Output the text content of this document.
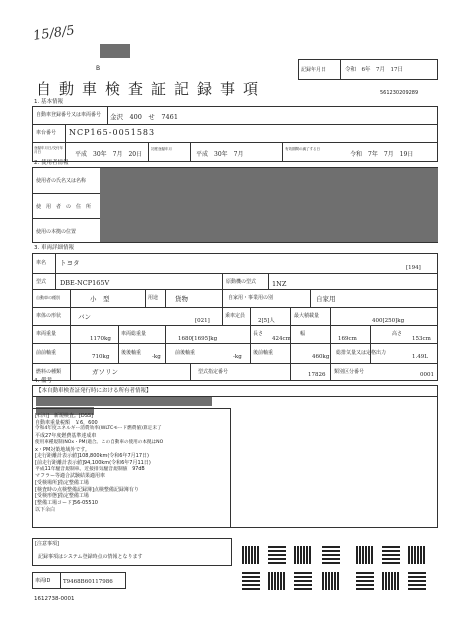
15/8/5
B	記録年月日	令和　6年　7月　17日
自動車検査証記録事項	561230209289
1. 基本情報
自動車登録番号又は車両番号 金沢　400　せ　7461
車台番号 NCP165-0051583
登録年月日/交付年月日	平成　30年　7月　20日
初度登録年月
平成　30年　7月
有効期間の満了する日
令和　7年　7月　19日
2. 使用者情報
使用者の氏名又は名称
使　用　者　の　住　所
使用の本拠の位置
3. 車両詳細情報
車名 トヨタ
[194]
型式 DBE-NCP165V	原動機の型式 1NZ
自動車の種別	小　型	用途	貨物	自家用・事業用の別	自家用
車体の形状	バン	[021]
乗車定員
2[5]人
最大積載量
400[250]kg
車両重量
1170kg
車両総重量
1680[1695]kg
長さ
424cm
幅
169cm
高さ
153cm
前前軸重
710kg
後後軸重
-kg
前後軸重
-kg
後前軸重
460kg
総排気量又は定格出力
1.49L
燃料の種類	ガソリン	型式指定番号	17826 類別区分番号	0001
4. 備考
【本自動車検査証発行時における所有者情報】
[石川]　新規検査。[DSS]
自動車重量税額　￥6，600
令和4年度エネルギー消費効率(WLTCモード燃費値)算定未了
平成27年度燃費基準達成車
使用車種規制(NOx・PM)適合。この自動車の使用の本拠はNO
x・PM対策地域外です。
[走行距離計表示値]108,800km(令和6年7月17日)
[前走行距離計表示値]94,100km(令和6年7月11日)
平成11年騒音規制車。近接排気騒音規制値　97dB
マフラー等適合試験結果適用車
[受検場所]指定整備工場
[検査時の点検整備記録簿]点検整備記録簿有り
[受検形態]指定整備工場
[整備工場コード]56-05510
以下余白
[注意事項]
記録事項はシステム登録時点の情報となります
車両ID T9468B60117986
1612738-0001
